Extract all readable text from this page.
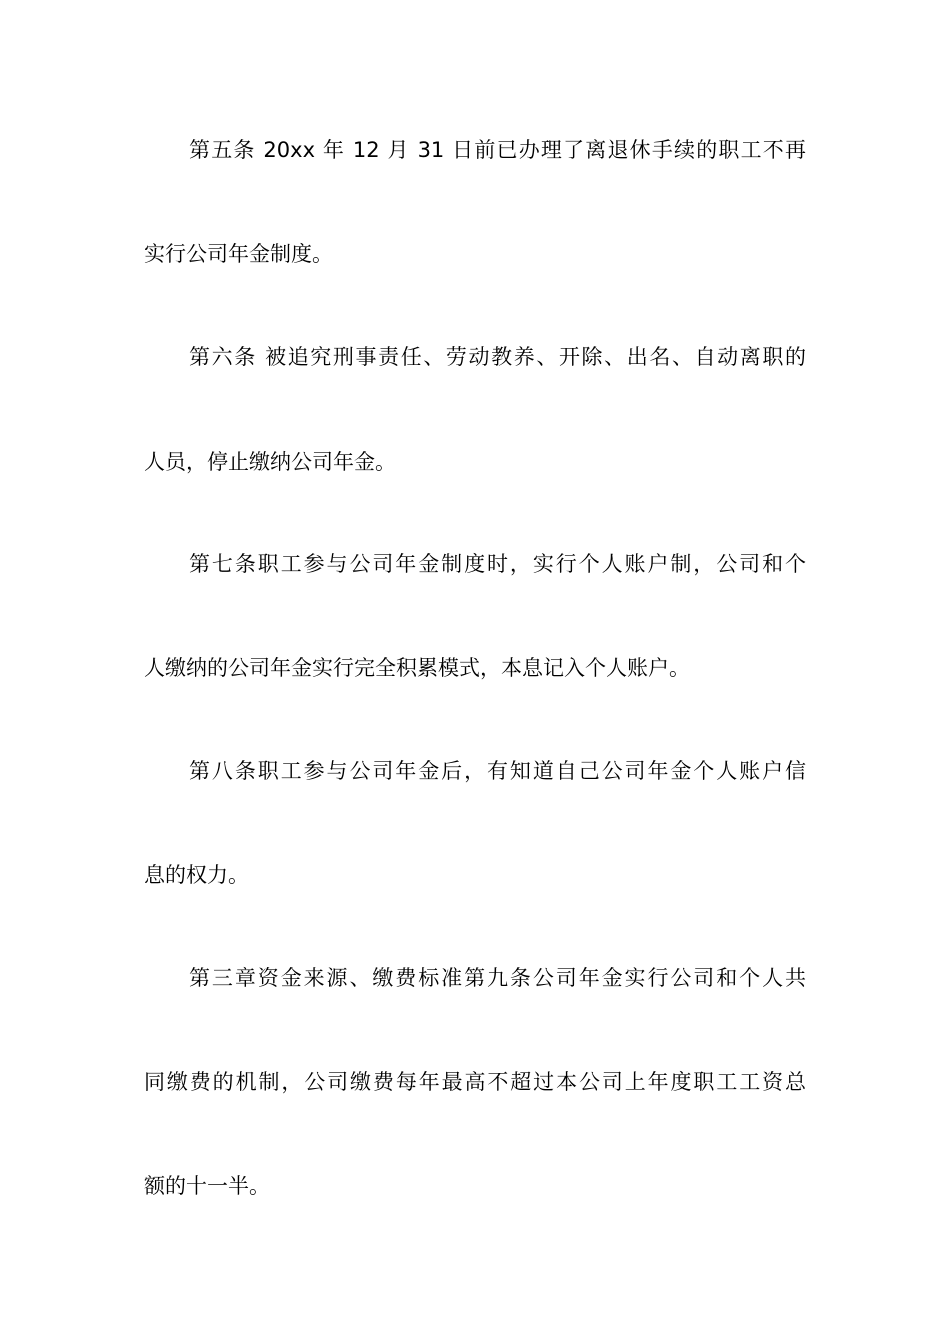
第五条 20xx 年 12 月 31 日前已办理了离退休手续的职工不再
实行公司年金制度。
第六条 被追究刑事责任、劳动教养、开除、出名、自动离职的
人员，停止缴纳公司年金。
第七条职工参与公司年金制度时，实行个人账户制，公司和个
人缴纳的公司年金实行完全积累模式，本息记入个人账户。
第八条职工参与公司年金后，有知道自己公司年金个人账户信
息的权力。
第三章资金来源、缴费标准第九条公司年金实行公司和个人共
同缴费的机制，公司缴费每年最高不超过本公司上年度职工工资总
额的十一半。
